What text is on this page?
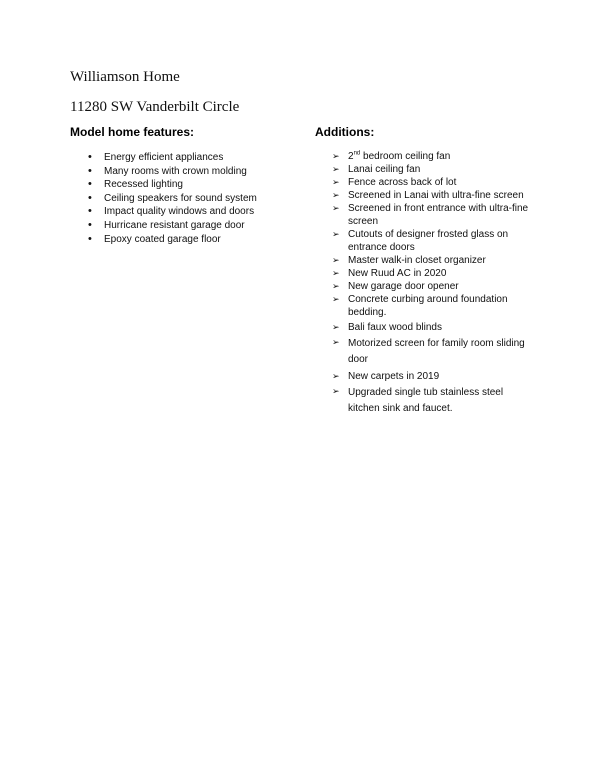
Williamson Home
11280 SW Vanderbilt Circle
Model home features:	Additions:
•
Energy efficient appliances
•
Many rooms with crown molding
•
Recessed lighting
•
Ceiling speakers for sound system
•
Impact quality windows and doors
•
Hurricane resistant garage door
•
Epoxy coated garage floor
➢
2nd bedroom ceiling fan
➢
Lanai ceiling fan
➢
Fence across back of lot
➢
Screened in Lanai with ultra-fine screen
➢
Screened in front entrance with ultra-fine screen
➢
Cutouts of designer frosted glass on entrance doors
➢
Master walk-in closet organizer
➢
New Ruud AC in 2020
➢
New garage door opener
➢
Concrete curbing around foundation bedding.
➢
Bali faux wood blinds
➢
Motorized screen for family room sliding door
➢
New carpets in 2019
➢
Upgraded single tub stainless steel kitchen sink and faucet.
